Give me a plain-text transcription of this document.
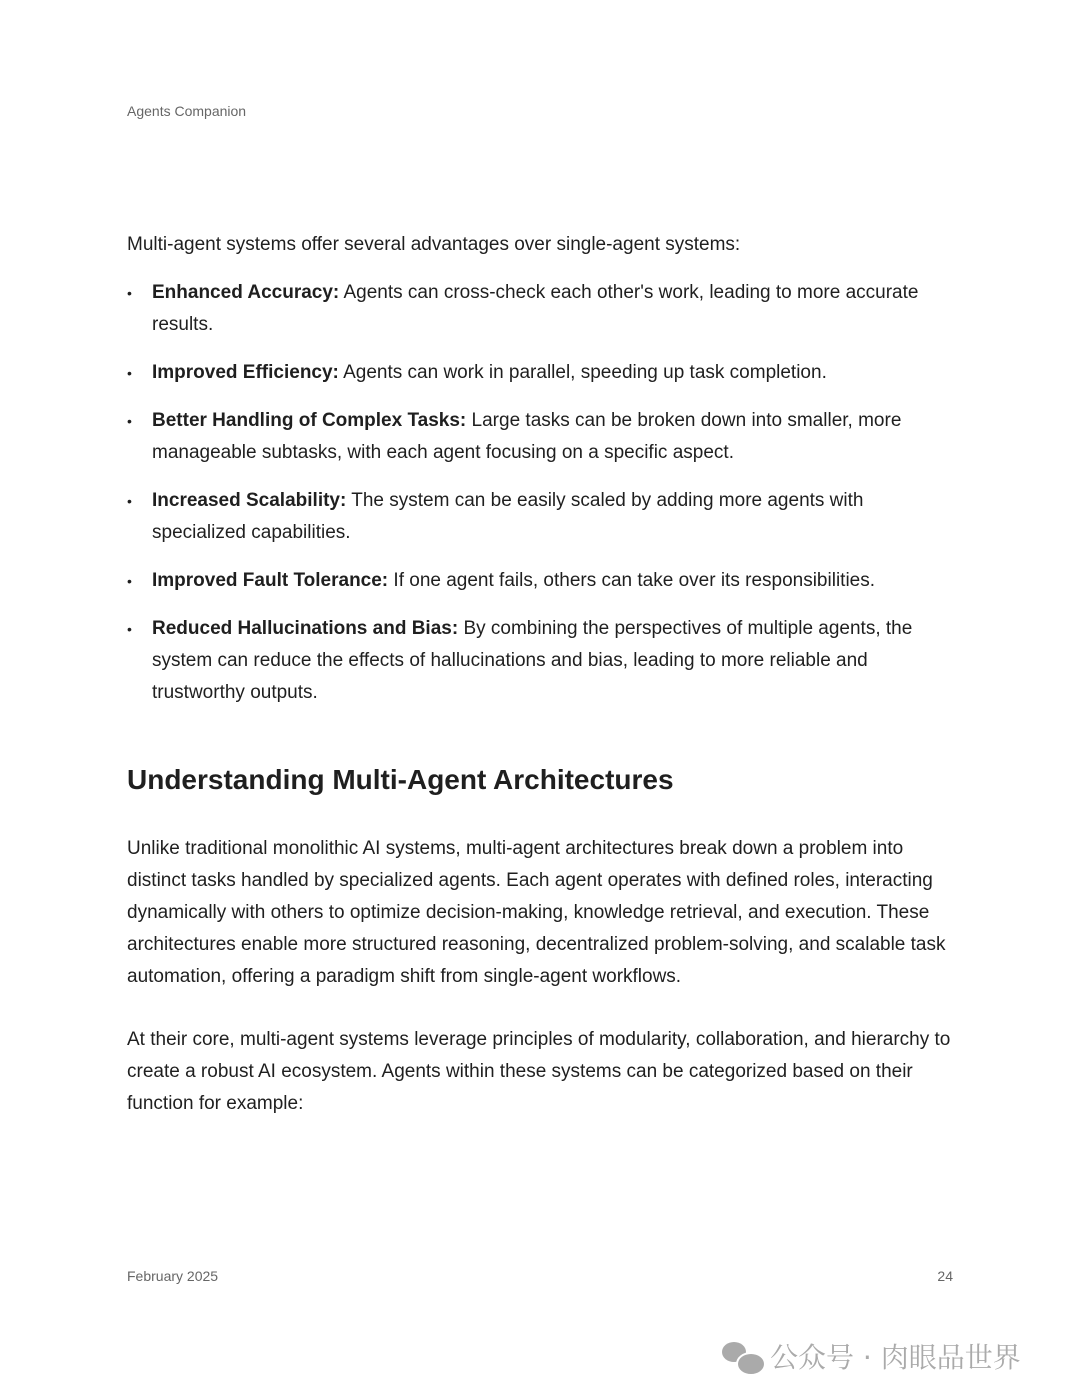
Agents Companion
Multi-agent systems offer several advantages over single-agent systems:
• Enhanced Accuracy: Agents can cross-check each other's work, leading to more accurate results.
• Improved Efficiency: Agents can work in parallel, speeding up task completion.
• Better Handling of Complex Tasks: Large tasks can be broken down into smaller, more manageable subtasks, with each agent focusing on a specific aspect.
• Increased Scalability: The system can be easily scaled by adding more agents with specialized capabilities.
• Improved Fault Tolerance: If one agent fails, others can take over its responsibilities.
• Reduced Hallucinations and Bias: By combining the perspectives of multiple agents, the system can reduce the effects of hallucinations and bias, leading to more reliable and trustworthy outputs.
Understanding Multi-Agent Architectures
Unlike traditional monolithic AI systems, multi-agent architectures break down a problem into distinct tasks handled by specialized agents. Each agent operates with defined roles, interacting dynamically with others to optimize decision-making, knowledge retrieval, and execution. These architectures enable more structured reasoning, decentralized problem-solving, and scalable task automation, offering a paradigm shift from single-agent workflows.
At their core, multi-agent systems leverage principles of modularity, collaboration, and hierarchy to create a robust AI ecosystem. Agents within these systems can be categorized based on their function for example:
February 2025	24
公众号 · 肉眼品世界
